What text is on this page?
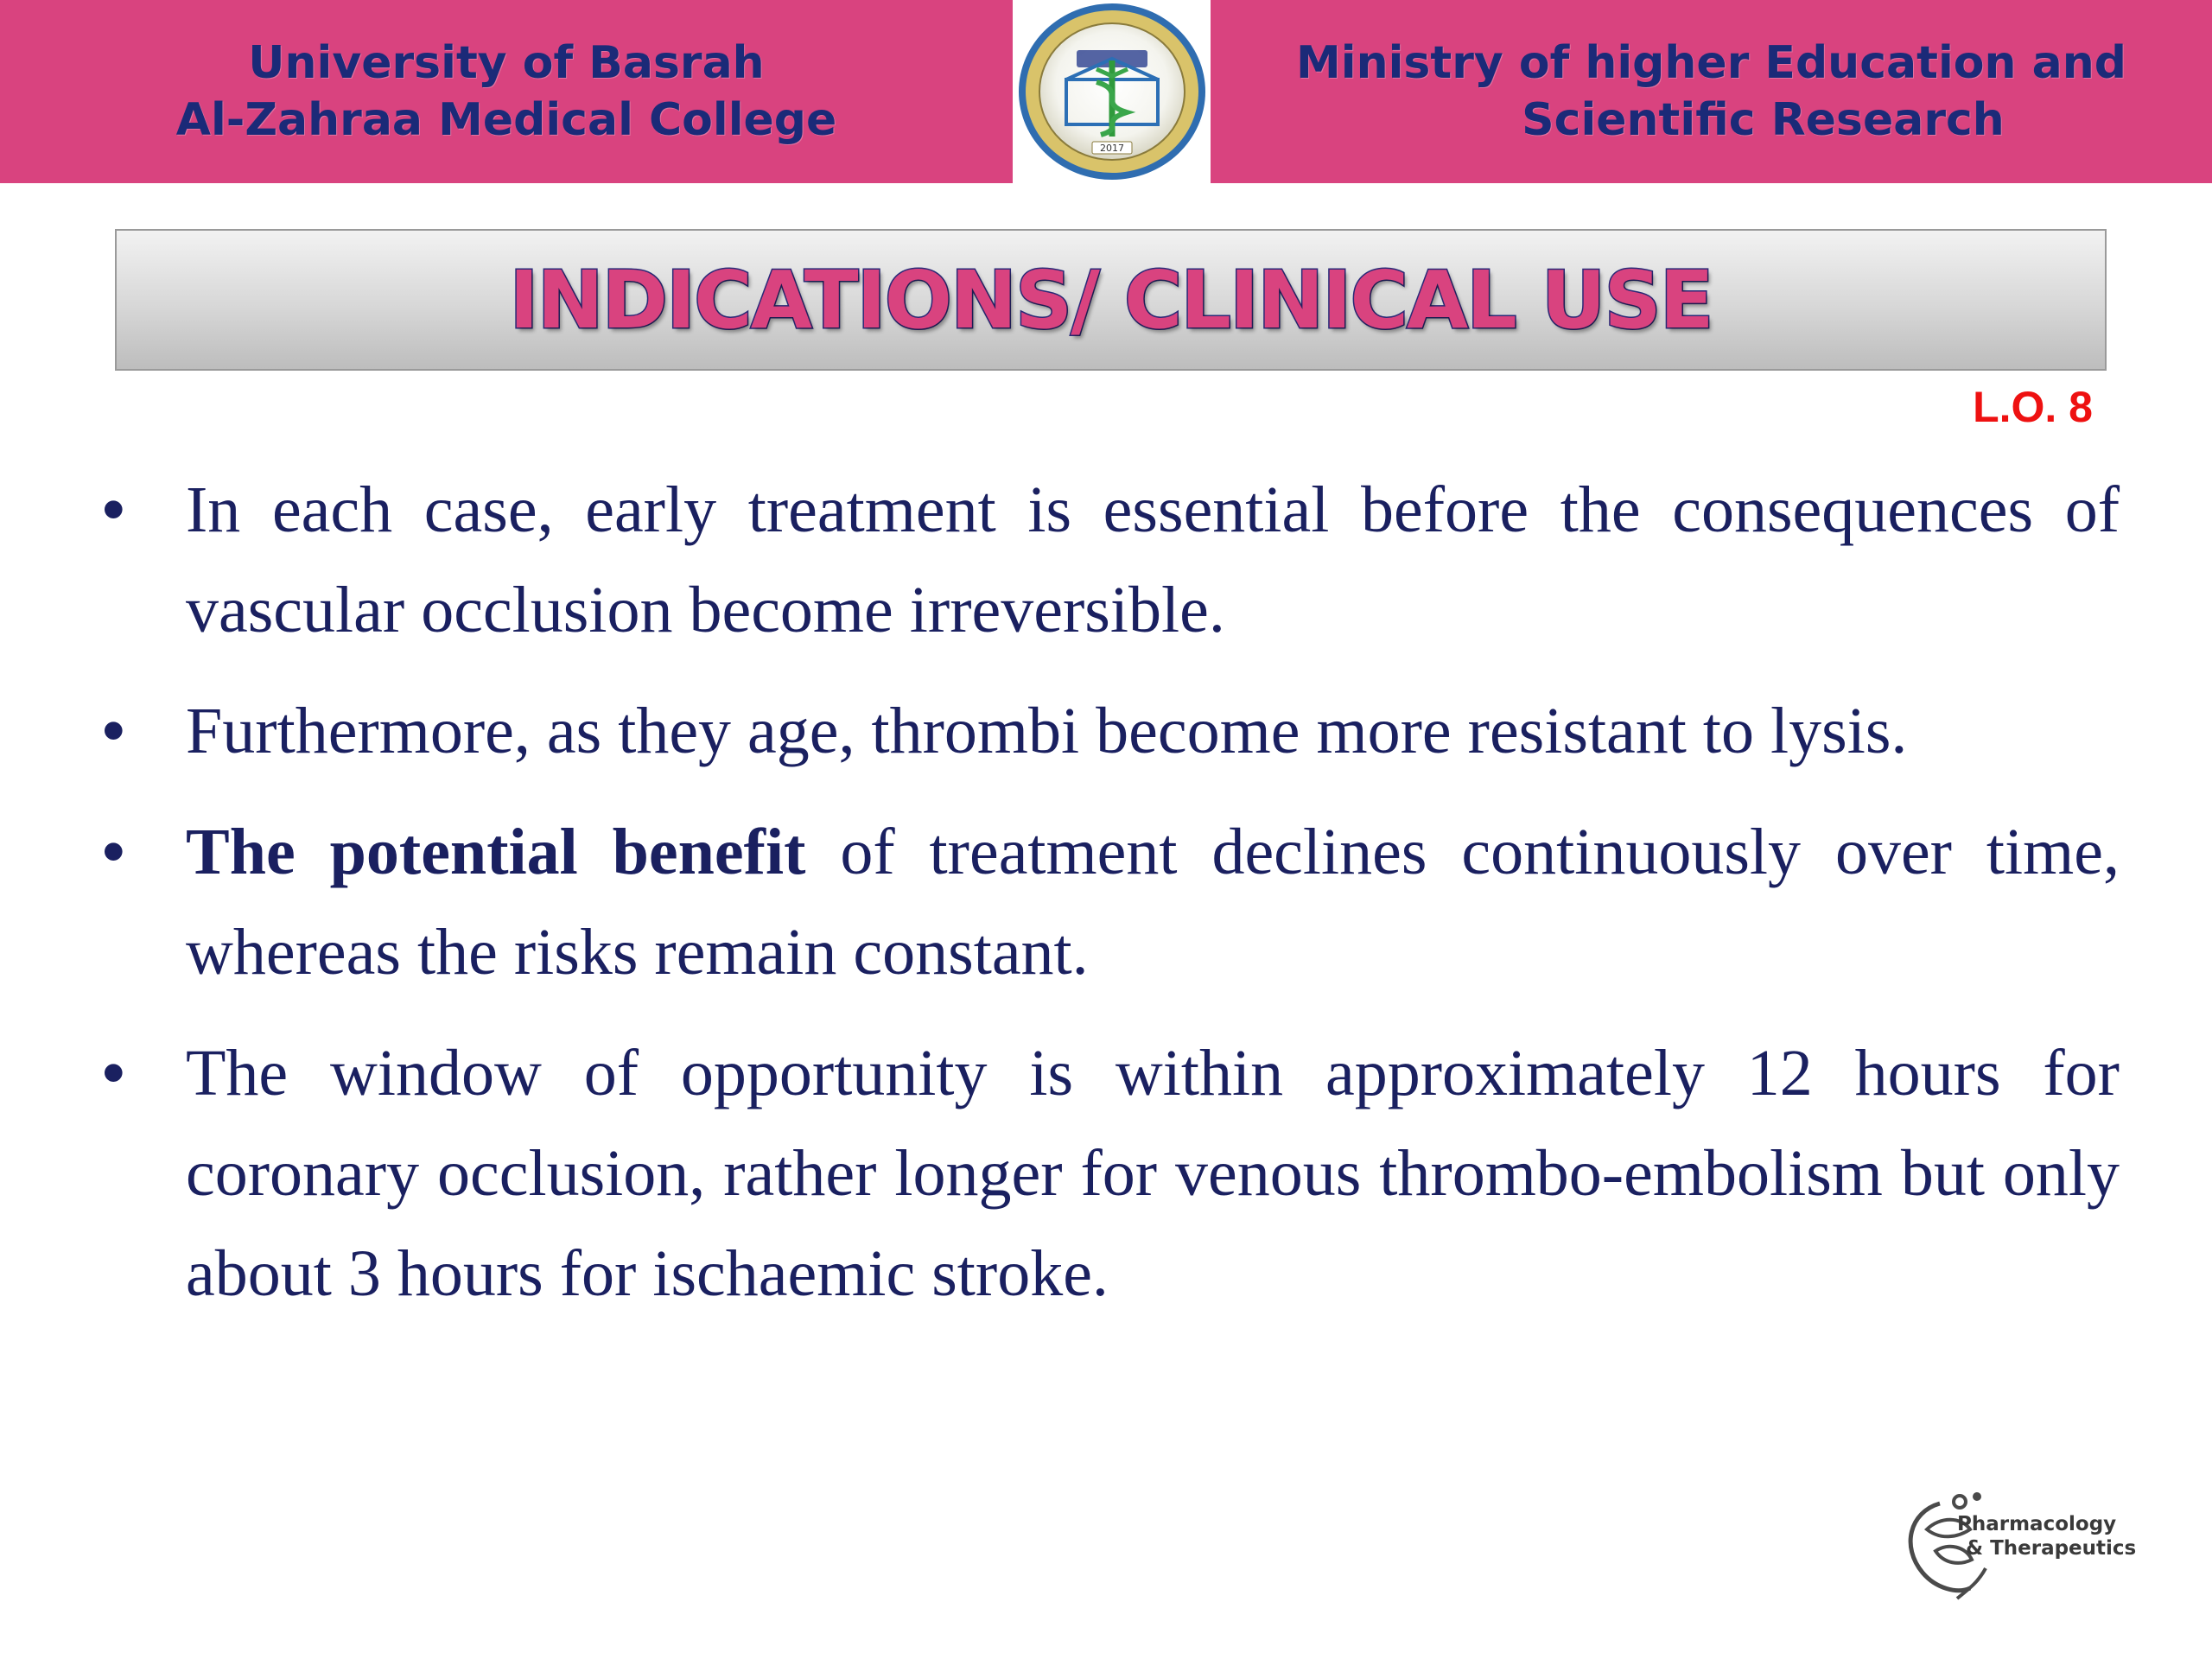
University of Basrah
Al-Zahraa Medical College
2017
Ministry of higher Education and
Scientific Research
INDICATIONS/ CLINICAL USE
L.O. 8
• In each case, early treatment is essential before the consequences of vascular occlusion become irreversible.
• Furthermore, as they age, thrombi become more resistant to lysis.
• The potential benefit of treatment declines continuously over time, whereas the risks remain constant.
• The window of opportunity is within approximately 12 hours for coronary occlusion, rather longer for venous thrombo-embolism but only about 3 hours for ischaemic stroke.
Pharmacology
& Therapeutics
